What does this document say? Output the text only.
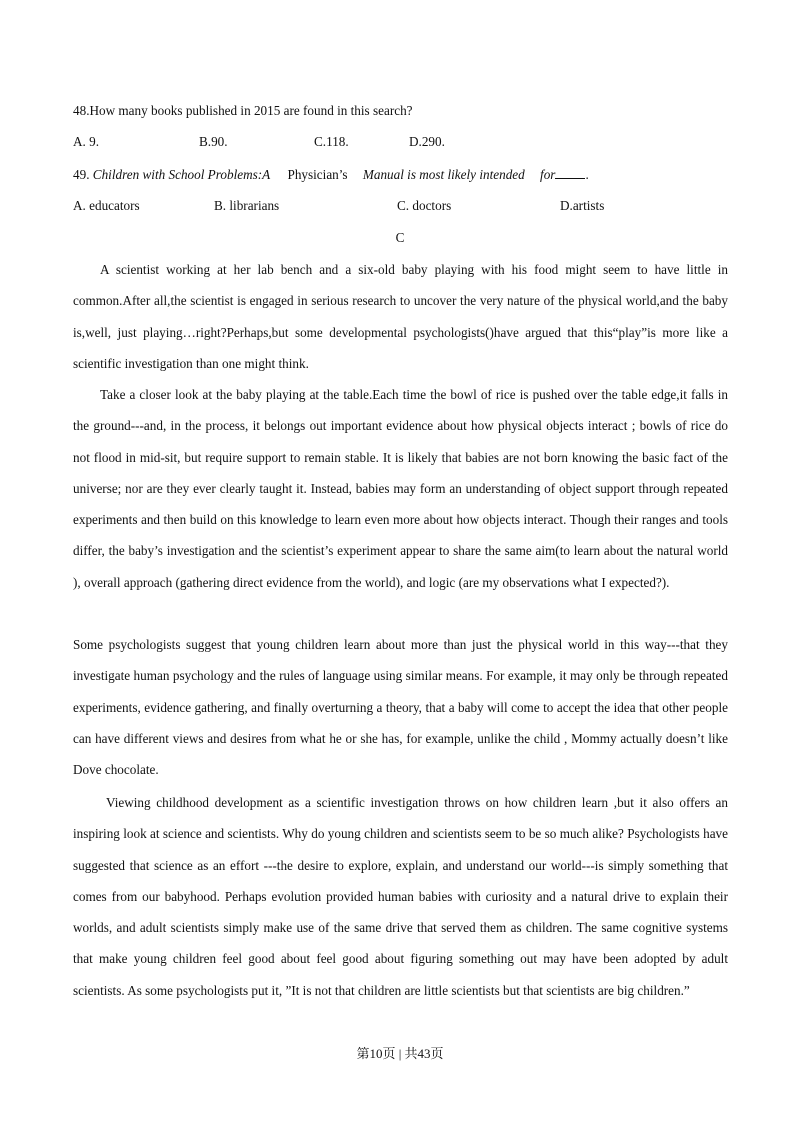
48.How many books published in 2015 are found in this search?
A. 9.	B.90.	C.118.	D.290.
49. Children with School Problems:A Physician’s Manual is most likely intended for .
A. educators	B. librarians	C. doctors	D.artists
C

A scientist working at her lab bench and a six-old baby playing with his food might seem to have little in common.After all,the scientist is engaged in serious research to uncover the very nature of the physical world,and the baby is,well, just playing…right?Perhaps,but some developmental psychologists()have argued that this“play”is more like a scientific investigation than one might think.

Take a closer look at the baby playing at the table.Each time the bowl of rice is pushed over the table edge,it falls in the ground---and, in the process, it belongs out important evidence about how physical objects interact ; bowls of rice do not flood in mid-sit, but require support to remain stable. It is likely that babies are not born knowing the basic fact of the universe; nor are they ever clearly taught it. Instead, babies may form an understanding of object support through repeated experiments and then build on this knowledge to learn even more about how objects interact. Though their ranges and tools differ, the baby’s investigation and the scientist’s experiment appear to share the same aim(to learn about the natural world ), overall approach (gathering direct evidence from the world), and logic (are my observations what I expected?).

Some psychologists suggest that young children learn about more than just the physical world in this way---that they investigate human psychology and the rules of language using similar means. For example, it may only be through repeated experiments, evidence gathering, and finally overturning a theory, that a baby will come to accept the idea that other people can have different views and desires from what he or she has, for example, unlike the child , Mommy actually doesn’t like Dove chocolate.

Viewing childhood development as a scientific investigation throws on how children learn ,but it also offers an inspiring look at science and scientists. Why do young children and scientists seem to be so much alike? Psychologists have suggested that science as an effort ---the desire to explore, explain, and understand our world---is simply something that comes from our babyhood. Perhaps evolution provided human babies with curiosity and a natural drive to explain their worlds, and adult scientists simply make use of the same drive that served them as children. The same cognitive systems that make young children feel good about feel good about figuring something out may have been adopted by adult scientists. As some psychologists put it, ”It is not that children are little scientists but that scientists are big children.”

第10页 | 共43页
